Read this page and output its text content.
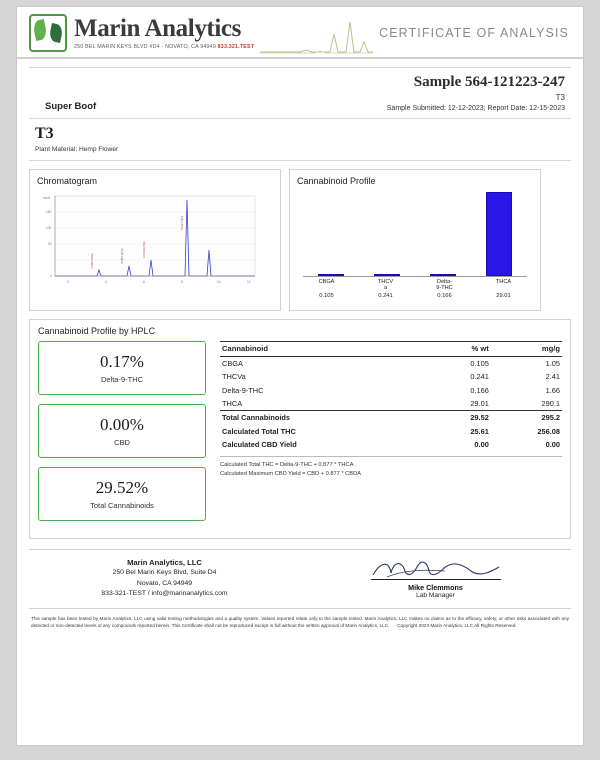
Marin Analytics
250 BEL MARIN KEYS BLVD #D4 - NOVATO, CA 94949 833.321.TEST
CERTIFICATE OF ANALYSIS
Sample 564-121223-247
Super Boof
T3
Sample Submitted: 12-12-2023; Report Date: 12-15-2023
T3
Plant Material: Hemp Flower
Chromatogram
mAU
150
100
50
0
2	4	6	8	10	12
1.843 CBGA	2.186 THCVa	3.079 D9-THC
5.122 THCA
Cannabinoid Profile
CBGA	THCV
a
Delta-
9-THC
THCA
0.105	0.241	0.166	29.01
Cannabinoid Profile by HPLC
0.17%
Delta-9-THC
0.00%
CBD
29.52%
Total Cannabinoids
Cannabinoid	% wt	mg/g
CBGA	0.105	1.05
THCVa	0.241	2.41
Delta-9-THC	0.166	1.66
THCA	29.01	290.1
Total Cannabinoids	29.52	295.2
Calculated Total THC	25.61	256.08
Calculated CBD Yield	0.00	0.00
Calculated Total THC = Delta-9-THC + 0.877 * THCA
Calculated Maximum CBD Yield = CBD + 0.877 * CBDA
Marin Analytics, LLC
250 Bel Marin Keys Blvd, Suite D4
Novato, CA 94949
833-321-TEST / info@marinanalytics.com
Mike Clemmons
Lab Manager
This sample has been tested by Marin Analytics, LLC using valid testing methodologies and a quality system. Values reported relate only to the sample tested. Marin Analytics, LLC makes no claims as to the efficacy, safety, or other risks associated with any detected or non-detected levels of any compounds reported herein. This Certificate shall not be reproduced except in full without the written approval of Marin Analytics, LLC. Copyright 2023 Marin Analytics, LLC All Rights Reserved.
